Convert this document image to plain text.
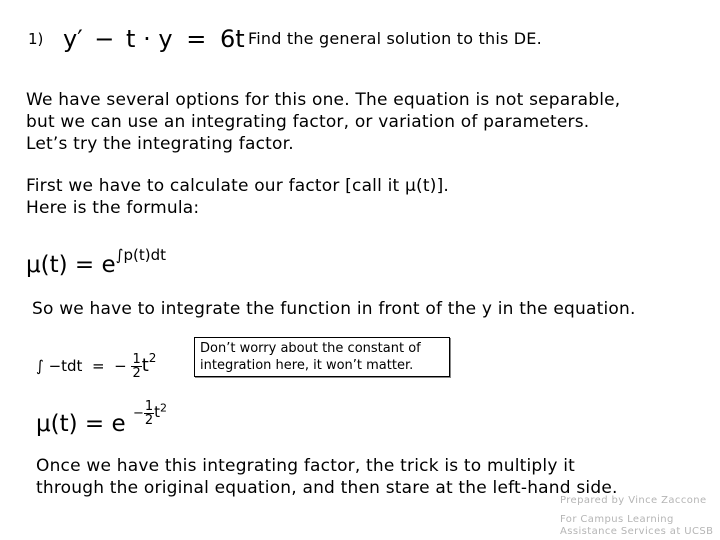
1) y′ − t · y = 6t Find the general solution to this DE.
We have several options for this one. The equation is not separable,
but we can use an integrating factor, or variation of parameters.
Let’s try the integrating factor.
First we have to calculate our factor [call it μ(t)].
Here is the formula:
$\mu(t) = e^{\int p(t)dt}$
So we have to integrate the function in front of the y in the equation.
∫ −tdt  =  − $\frac{1}{2} t^2$
Don’t worry about the constant of integration here, it won’t matter.
$\mu(t) = e - \frac{1}{2} t^2$
Once we have this integrating factor, the trick is to multiply it
through the original equation, and then stare at the left-hand side.
Prepared by Vince Zaccone
For Campus Learning
Assistance Services at UCSB
